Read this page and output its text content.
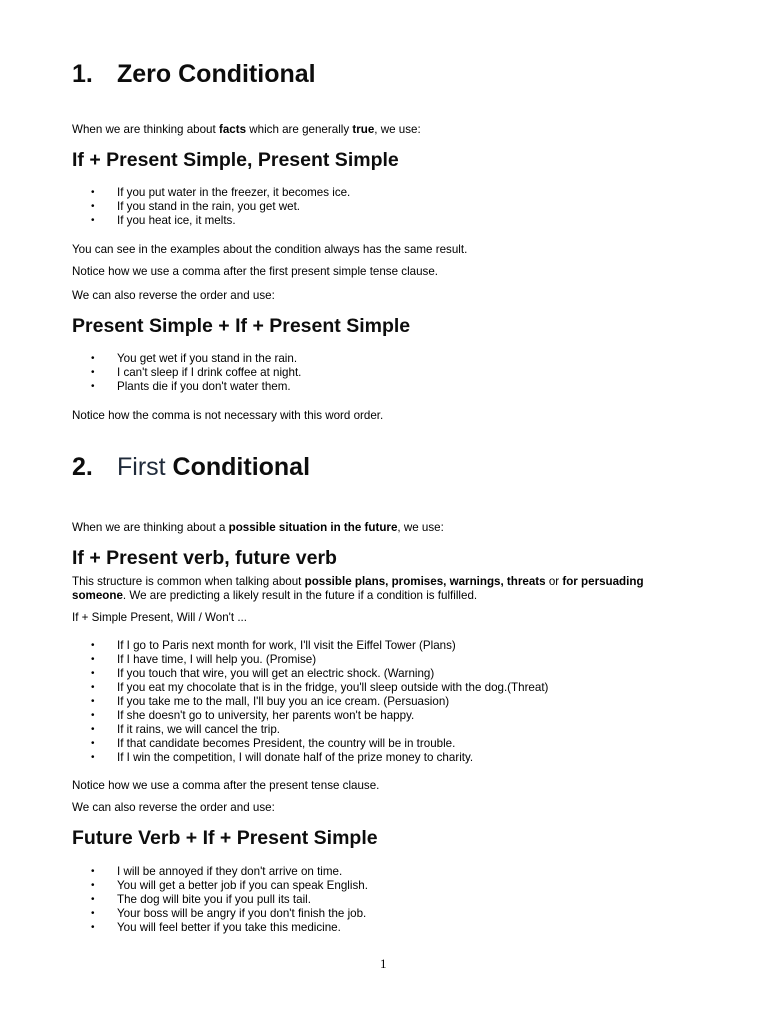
1. Zero Conditional
When we are thinking about facts which are generally true, we use:
If + Present Simple, Present Simple
• If you put water in the freezer, it becomes ice.
• If you stand in the rain, you get wet.
• If you heat ice, it melts.
You can see in the examples about the condition always has the same result.
Notice how we use a comma after the first present simple tense clause.
We can also reverse the order and use:
Present Simple + If + Present Simple
• You get wet if you stand in the rain.
• I can't sleep if I drink coffee at night.
• Plants die if you don't water them.
Notice how the comma is not necessary with this word order.
2. First Conditional
When we are thinking about a possible situation in the future, we use:
If + Present verb, future verb
This structure is common when talking about possible plans, promises, warnings, threats or for persuading someone. We are predicting a likely result in the future if a condition is fulfilled.
If + Simple Present, Will / Won't ...
• If I go to Paris next month for work, I'll visit the Eiffel Tower (Plans)
• If I have time, I will help you. (Promise)
• If you touch that wire, you will get an electric shock. (Warning)
• If you eat my chocolate that is in the fridge, you'll sleep outside with the dog.(Threat)
• If you take me to the mall, I'll buy you an ice cream. (Persuasion)
• If she doesn't go to university, her parents won't be happy.
• If it rains, we will cancel the trip.
• If that candidate becomes President, the country will be in trouble.
• If I win the competition, I will donate half of the prize money to charity.
Notice how we use a comma after the present tense clause.
We can also reverse the order and use:
Future Verb + If + Present Simple
• I will be annoyed if they don't arrive on time.
• You will get a better job if you can speak English.
• The dog will bite you if you pull its tail.
• Your boss will be angry if you don't finish the job.
• You will feel better if you take this medicine.
1
